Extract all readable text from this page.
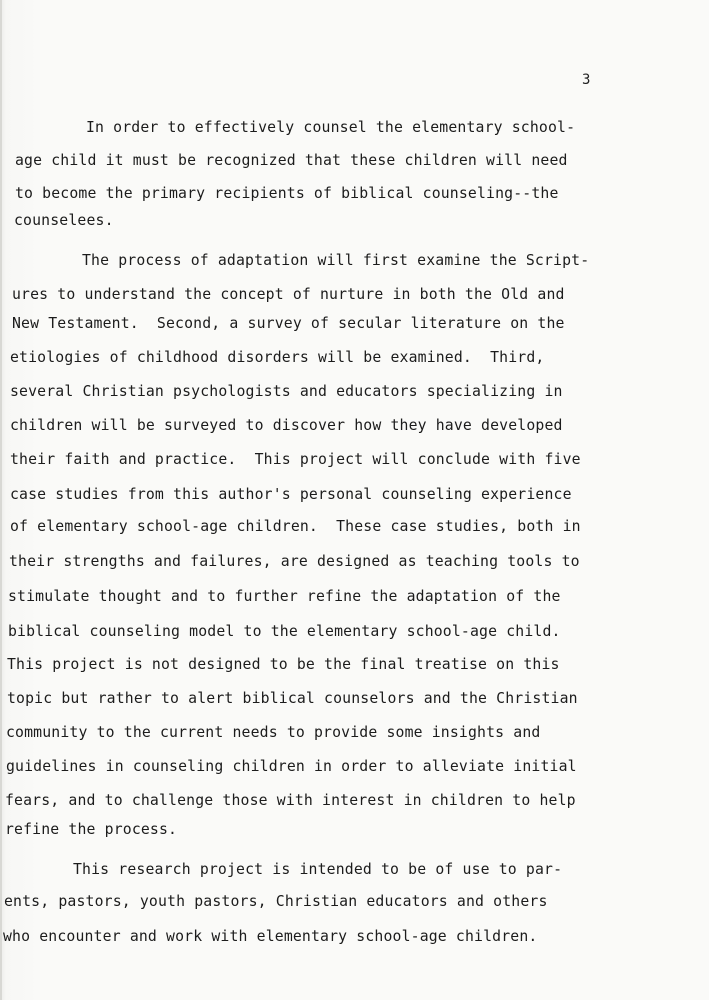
3
In order to effectively counsel the elementary school-
age child it must be recognized that these children will need
to become the primary recipients of biblical counseling--the
counselees.
The process of adaptation will first examine the Script-
ures to understand the concept of nurture in both the Old and
New Testament.  Second, a survey of secular literature on the
etiologies of childhood disorders will be examined.  Third,
several Christian psychologists and educators specializing in
children will be surveyed to discover how they have developed
their faith and practice.  This project will conclude with five
case studies from this author's personal counseling experience
of elementary school-age children.  These case studies, both in
their strengths and failures, are designed as teaching tools to
stimulate thought and to further refine the adaptation of the
biblical counseling model to the elementary school-age child.
This project is not designed to be the final treatise on this
topic but rather to alert biblical counselors and the Christian
community to the current needs to provide some insights and
guidelines in counseling children in order to alleviate initial
fears, and to challenge those with interest in children to help
refine the process.
This research project is intended to be of use to par-
ents, pastors, youth pastors, Christian educators and others
who encounter and work with elementary school-age children.
